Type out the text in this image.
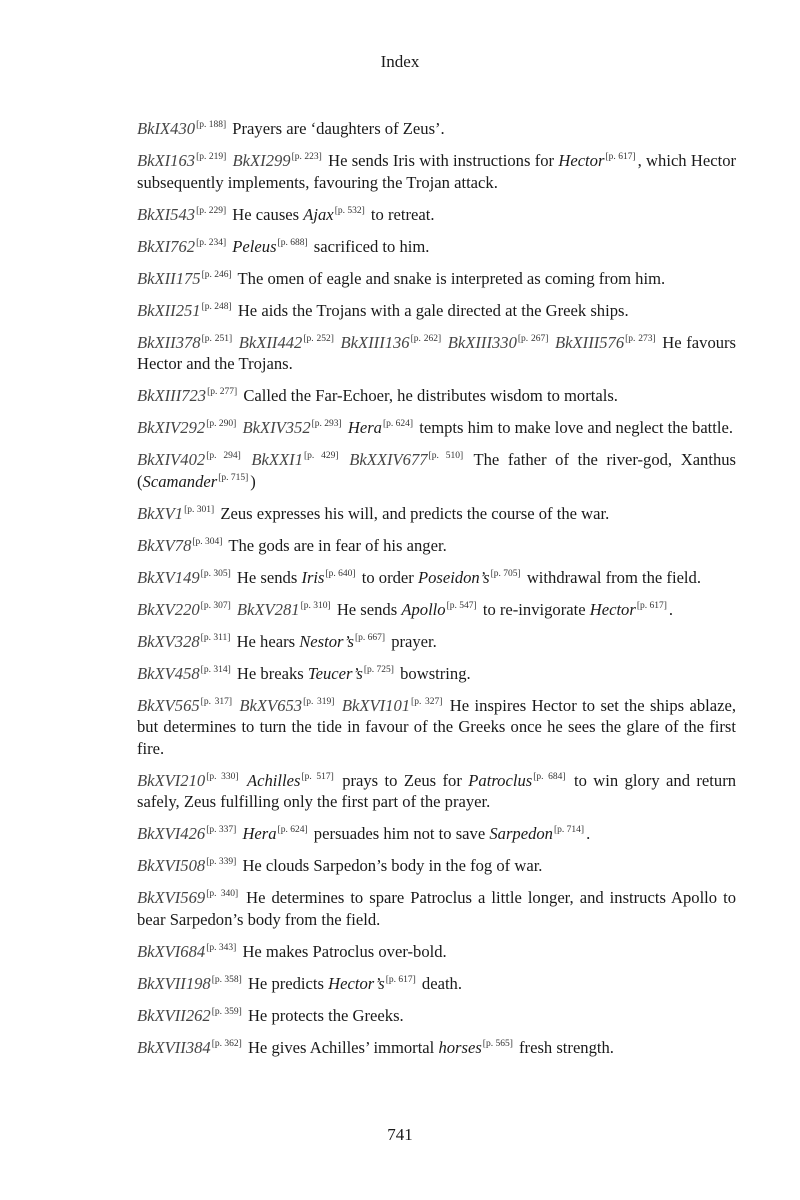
Index

BkIX430[p. 188] Prayers are ‘daughters of Zeus’.

BkXI163[p. 219] BkXI299[p. 223] He sends Iris with instructions for Hector[p. 617] , which Hector subsequently implements, favouring the Trojan attack.

BkXI543[p. 229] He causes Ajax[p. 532] to retreat.

BkXI762[p. 234] Peleus[p. 688] sacrificed to him.

BkXII175[p. 246] The omen of eagle and snake is interpreted as coming from him.

BkXII251[p. 248] He aids the Trojans with a gale directed at the Greek ships.

BkXII378[p. 251] BkXII442[p. 252] BkXIII136[p. 262] BkXIII330[p. 267] BkXIII576[p. 273] He favours Hector and the Trojans.

BkXIII723[p. 277] Called the Far-Echoer, he distributes wisdom to mortals.

BkXIV292[p. 290] BkXIV352[p. 293] Hera[p. 624] tempts him to make love and neglect the battle.

BkXIV402[p. 294] BkXXI1[p. 429] BkXXIV677[p. 510] The father of the river-god, Xanthus (Scamander[p. 715] )

BkXV1[p. 301] Zeus expresses his will, and predicts the course of the war.

BkXV78[p. 304] The gods are in fear of his anger.

BkXV149[p. 305] He sends Iris[p. 640] to order Poseidon’s[p. 705] withdrawal from the field.

BkXV220[p. 307] BkXV281[p. 310] He sends Apollo[p. 547] to re-invigorate Hector[p. 617] .

BkXV328[p. 311] He hears Nestor’s[p. 667] prayer.

BkXV458[p. 314] He breaks Teucer’s[p. 725] bowstring.

BkXV565[p. 317] BkXV653[p. 319] BkXVI101[p. 327] He inspires Hector to set the ships ablaze, but determines to turn the tide in favour of the Greeks once he sees the glare of the first fire.

BkXVI210[p. 330] Achilles[p. 517] prays to Zeus for Patroclus[p. 684] to win glory and return safely, Zeus fulfilling only the first part of the prayer.

BkXVI426[p. 337] Hera[p. 624] persuades him not to save Sarpedon[p. 714] .

BkXVI508[p. 339] He clouds Sarpedon’s body in the fog of war.

BkXVI569[p. 340] He determines to spare Patroclus a little longer, and instructs Apollo to bear Sarpedon’s body from the field.

BkXVI684[p. 343] He makes Patroclus over-bold.

BkXVII198[p. 358] He predicts Hector’s[p. 617] death.

BkXVII262[p. 359] He protects the Greeks.

BkXVII384[p. 362] He gives Achilles’ immortal horses[p. 565] fresh strength.

741
